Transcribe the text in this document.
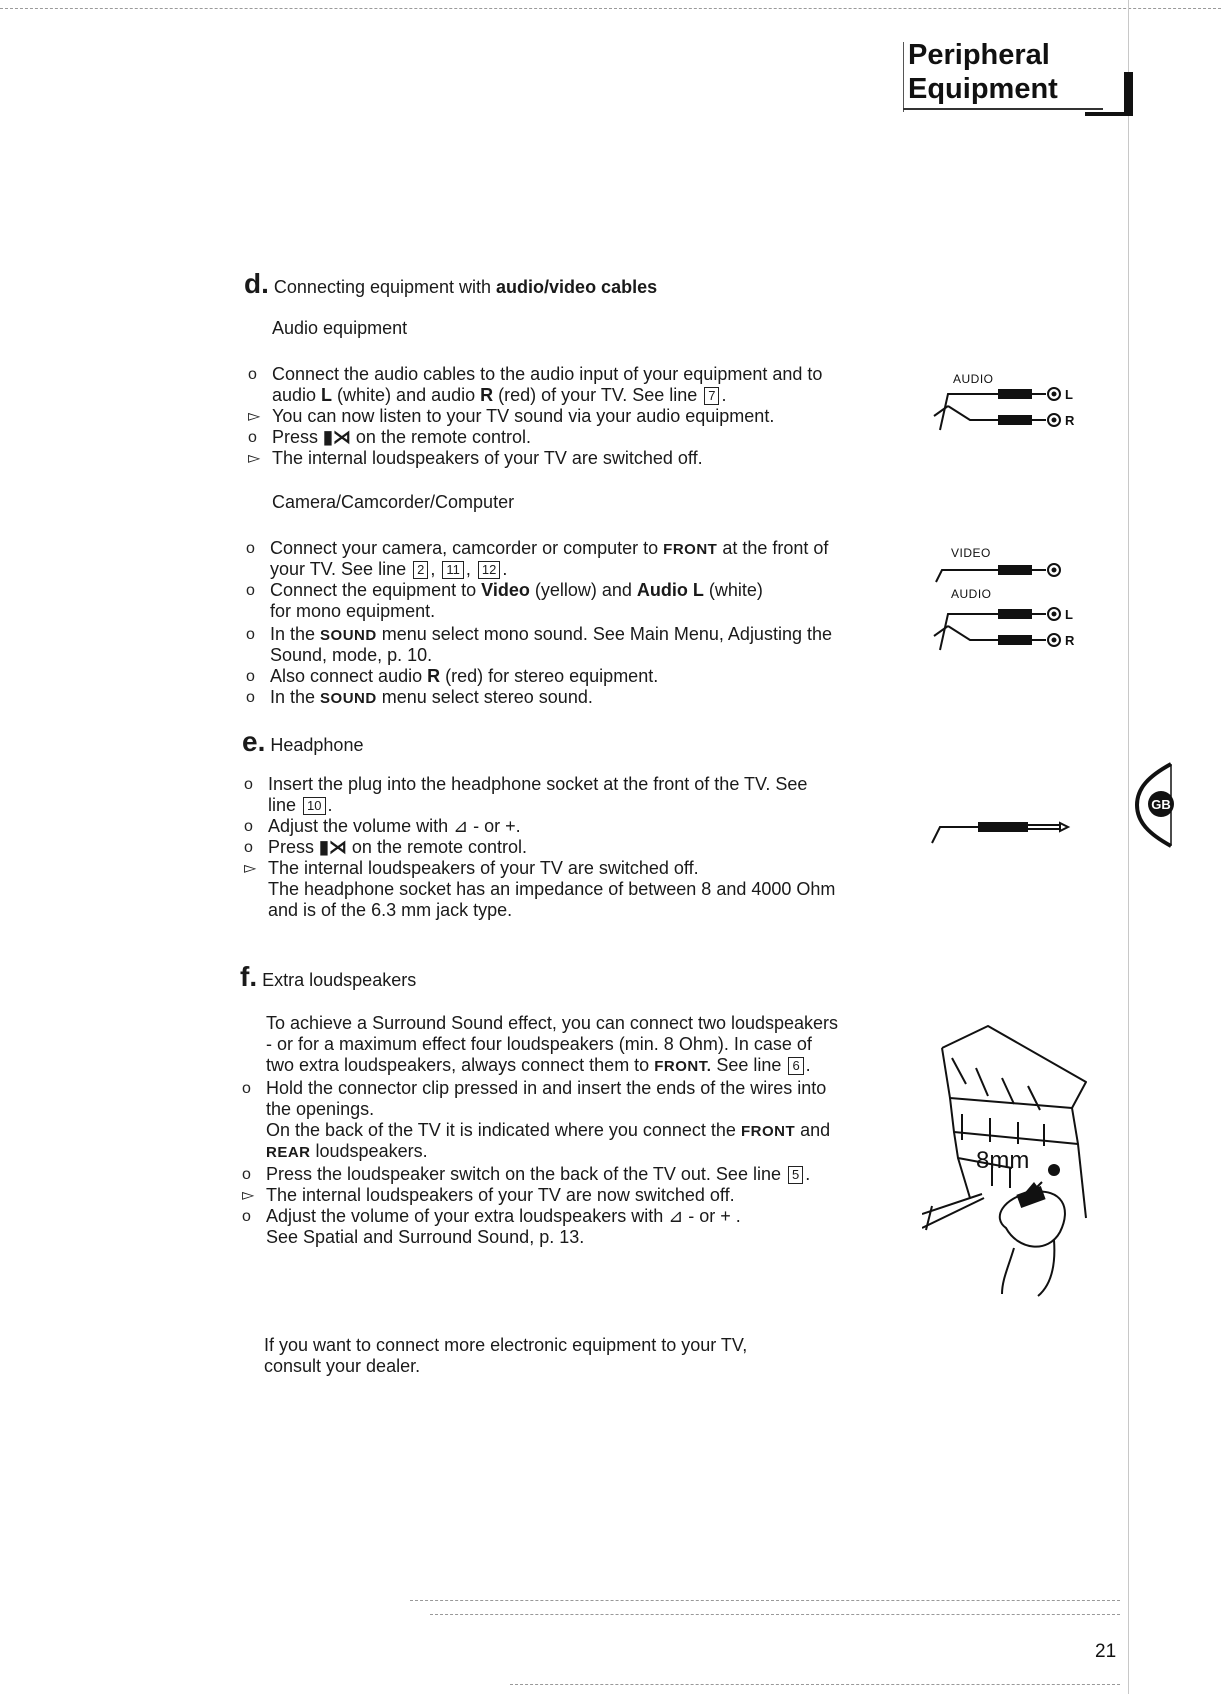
Peripheral
Equipment
d. Connecting equipment with audio/video cables
Audio equipment
o Connect the audio cables to the audio input of your equipment and to
audio L (white) and audio R (red) of your TV. See line 7 .
▻ You can now listen to your TV sound via your audio equipment.
o Press ▮⋊ on the remote control.
▻ The internal loudspeakers of your TV are switched off.
Camera/Camcorder/Computer
o Connect your camera, camcorder or computer to FRONT at the front of
your TV. See line 2 , 11 , 12 .
o Connect the equipment to Video (yellow) and Audio L (white)
for mono equipment.
o In the SOUND menu select mono sound. See Main Menu, Adjusting the
Sound, mode, p. 10.
o Also connect audio R (red) for stereo equipment.
o In the SOUND menu select stereo sound.
e. Headphone
o Insert the plug into the headphone socket at the front of the TV. See
line 10 .
o Adjust the volume with ⊿ - or +.
o Press ▮⋊ on the remote control.
▻ The internal loudspeakers of your TV are switched off.
The headphone socket has an impedance of between 8 and 4000 Ohm
and is of the 6.3 mm jack type.
f. Extra loudspeakers
To achieve a Surround Sound effect, you can connect two loudspeakers
- or for a maximum effect four loudspeakers (min. 8 Ohm). In case of
two extra loudspeakers, always connect them to FRONT. See line 6 .
o Hold the connector clip pressed in and insert the ends of the wires into
the openings.
On the back of the TV it is indicated where you connect the FRONT and
REAR loudspeakers.
o Press the loudspeaker switch on the back of the TV out. See line 5 .
▻ The internal loudspeakers of your TV are now switched off.
o Adjust the volume of your extra loudspeakers with ⊿ - or + .
See Spatial and Surround Sound, p. 13.
If you want to connect more electronic equipment to your TV,
consult your dealer.
AUDIO
L
R
VIDEO
AUDIO
L
R
8mm
GB
21
